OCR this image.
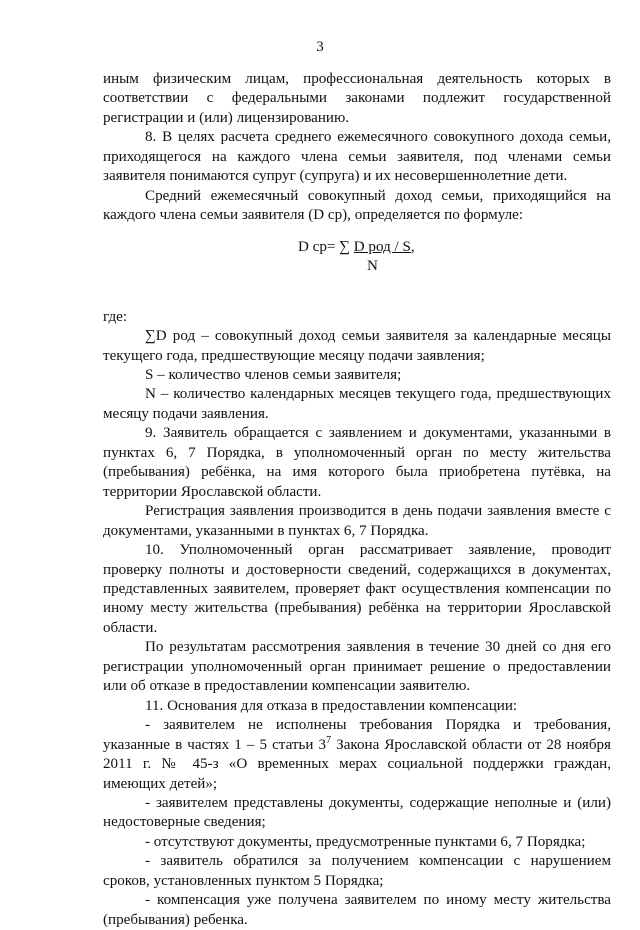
3

иным физическим лицам, профессиональная деятельность которых в соответствии с федеральными законами подлежит государственной регистрации и (или) лицензированию.

8. В целях расчета среднего ежемесячного совокупного дохода семьи, приходящегося на каждого члена семьи заявителя, под членами семьи заявителя понимаются супруг (супруга) и их несовершеннолетние дети.

Средний ежемесячный совокупный доход семьи, приходящийся на каждого члена семьи заявителя (D ср), определяется по формуле:

D ср= ∑ D род / S,
N

где:

∑D род – совокупный доход семьи заявителя за календарные месяцы текущего года, предшествующие месяцу подачи заявления;

S – количество членов семьи заявителя;

N – количество календарных месяцев текущего года, предшествующих месяцу подачи заявления.

9. Заявитель обращается с заявлением и документами, указанными в пунктах 6, 7 Порядка, в уполномоченный орган по месту жительства (пребывания) ребёнка, на имя которого была приобретена путёвка, на территории Ярославской области.

Регистрация заявления производится в день подачи заявления вместе с документами, указанными в пунктах 6, 7 Порядка.

10. Уполномоченный орган рассматривает заявление, проводит проверку полноты и достоверности сведений, содержащихся в документах, представленных заявителем, проверяет факт осуществления компенсации по иному месту жительства (пребывания) ребёнка на территории Ярославской области.

По результатам рассмотрения заявления в течение 30 дней со дня его регистрации уполномоченный орган принимает решение о предоставлении или об отказе в предоставлении компенсации заявителю.

11. Основания для отказа в предоставлении компенсации:

- заявителем не исполнены требования Порядка и требования, указанные в частях 1 – 5 статьи $3^7$ Закона Ярославской области от 28 ноября 2011 г. № 45-з «О временных мерах социальной поддержки граждан, имеющих детей»;

- заявителем представлены документы, содержащие неполные и (или) недостоверные сведения;

- отсутствуют документы, предусмотренные пунктами 6, 7 Порядка;

- заявитель обратился за получением компенсации с нарушением сроков, установленных пунктом 5 Порядка;

- компенсация уже получена заявителем по иному месту жительства (пребывания) ребенка.
